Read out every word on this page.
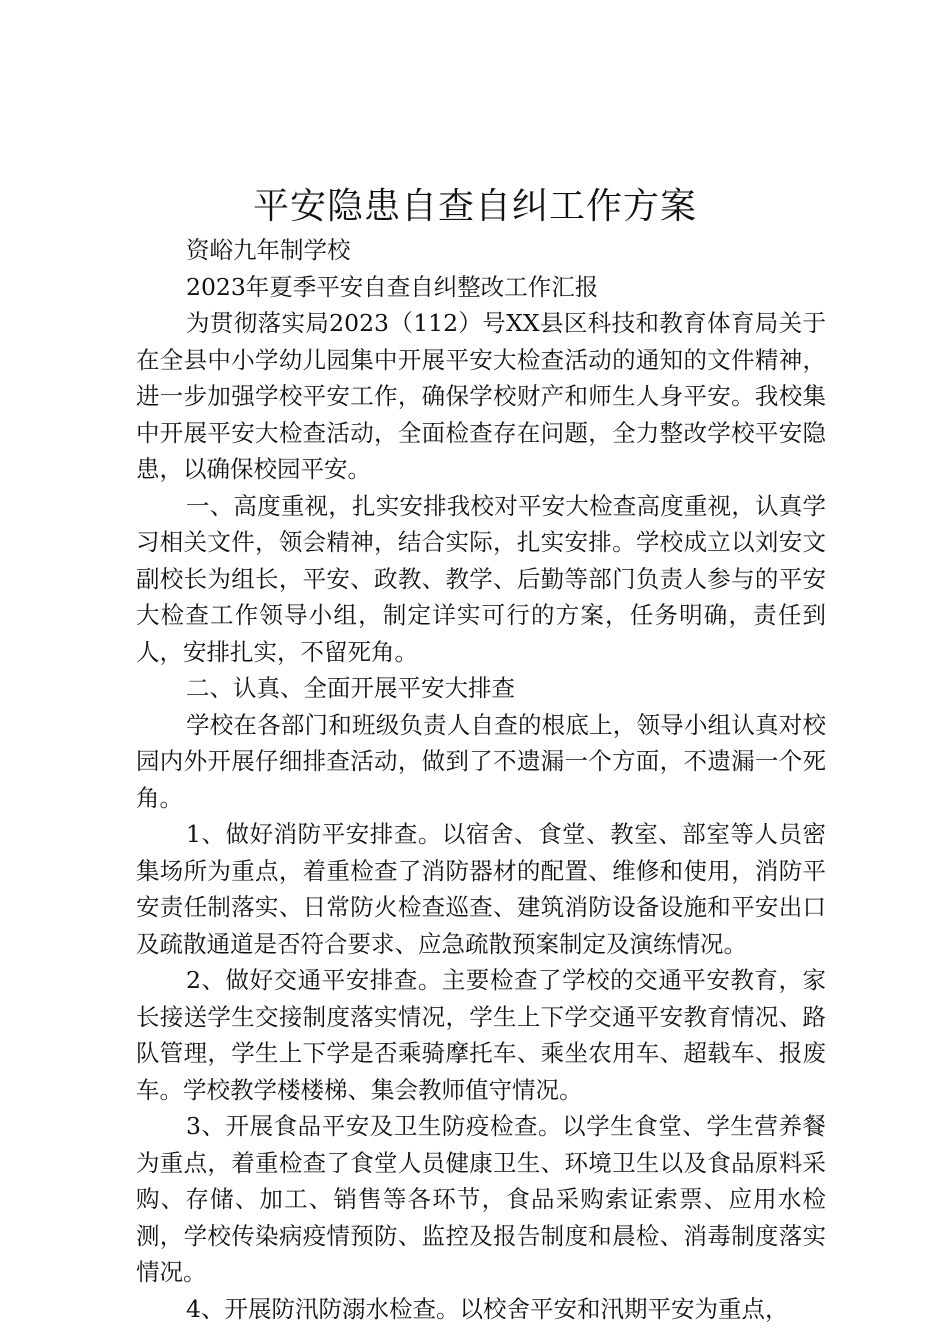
平安隐患自查自纠工作方案

资峪九年制学校

2023年夏季平安自查自纠整改工作汇报

为贯彻落实局2023（112）号XX县区科技和教育体育局关于在全县中小学幼儿园集中开展平安大检查活动的通知的文件精神，进一步加强学校平安工作，确保学校财产和师生人身平安。我校集中开展平安大检查活动，全面检查存在问题，全力整改学校平安隐患，以确保校园平安。

一、高度重视，扎实安排我校对平安大检查高度重视，认真学习相关文件，领会精神，结合实际，扎实安排。学校成立以刘安文副校长为组长，平安、政教、教学、后勤等部门负责人参与的平安大检查工作领导小组，制定详实可行的方案，任务明确，责任到人，安排扎实，不留死角。

二、认真、全面开展平安大排查

学校在各部门和班级负责人自查的根底上，领导小组认真对校园内外开展仔细排查活动，做到了不遗漏一个方面，不遗漏一个死角。

1、做好消防平安排查。以宿舍、食堂、教室、部室等人员密集场所为重点，着重检查了消防器材的配置、维修和使用，消防平安责任制落实、日常防火检查巡查、建筑消防设备设施和平安出口及疏散通道是否符合要求、应急疏散预案制定及演练情况。

2、做好交通平安排查。主要检查了学校的交通平安教育，家长接送学生交接制度落实情况，学生上下学交通平安教育情况、路队管理，学生上下学是否乘骑摩托车、乘坐农用车、超载车、报废车。学校教学楼楼梯、集会教师值守情况。

3、开展食品平安及卫生防疫检查。以学生食堂、学生营养餐为重点，着重检查了食堂人员健康卫生、环境卫生以及食品原料采购、存储、加工、销售等各环节，食品采购索证索票、应用水检测，学校传染病疫情预防、监控及报告制度和晨检、消毒制度落实情况。

4、开展防汛防溺水检查。以校舍平安和汛期平安为重点，
